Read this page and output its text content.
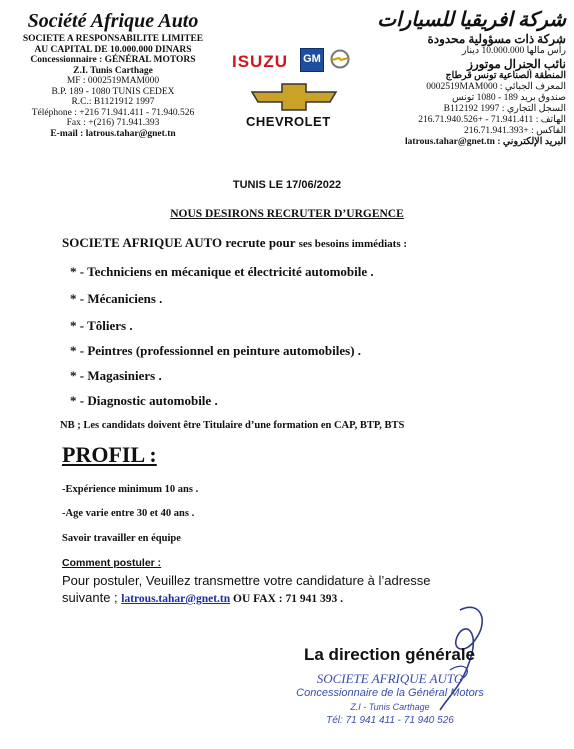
Société Afrique Auto
SOCIETE A RESPONSABILITE LIMITEE
AU CAPITAL DE 10.000.000 DINARS
Concessionnaire : GÉNÉRAL MOTORS
Z.I. Tunis Carthage
MF : 0002519MAM000
B.P. 189 - 1080 TUNIS CEDEX
R.C.: B1121912 1997
Téléphone : +216 71.941.411 - 71.940.526
Fax : +(216) 71.941.393
E-mail : latrous.tahar@gnet.tn
ISUZU GM
CHEVROLET
شركة افريقيا للسيارات
شركة ذات مسؤولية محدودة
رأس مالها 10.000.000 دينار
نائب الجنرال موتورز
المنطقة الصناعية تونس قرطاج
المعرف الجبائي : 0002519MAM000
صندوق بريد 189 - 1080 تونس
السجل التجاري : B112192 1997
الهاتف : 71.941.411 - +216.71.940.526
الفاكس : +216.71.941.393
البريد الإلكتروني : latrous.tahar@gnet.tn
TUNIS LE 17/06/2022
NOUS DESIRONS RECRUTER D’URGENCE
SOCIETE AFRIQUE AUTO recrute pour ses besoins immédiats :
* - Techniciens en mécanique et électricité automobile .
* - Mécaniciens .
* - Tôliers .
* - Peintres (professionnel en peinture automobiles) .
* - Magasiniers .
* - Diagnostic automobile .
NB ; Les candidats doivent être Titulaire d’une formation en CAP, BTP, BTS
PROFIL :
-Expérience minimum 10 ans .
-Age varie entre 30 et 40 ans .
Savoir travailler en équipe
Comment postuler :
Pour postuler, Veuillez transmettre votre candidature à l’adresse
suivante ; latrous.tahar@gnet.tn OU FAX : 71 941 393 .
La direction générale
SOCIETE AFRIQUE AUTO
Concessionnaire de la Général Motors
Z.I - Tunis Carthage
Tél: 71 941 411 - 71 940 526
